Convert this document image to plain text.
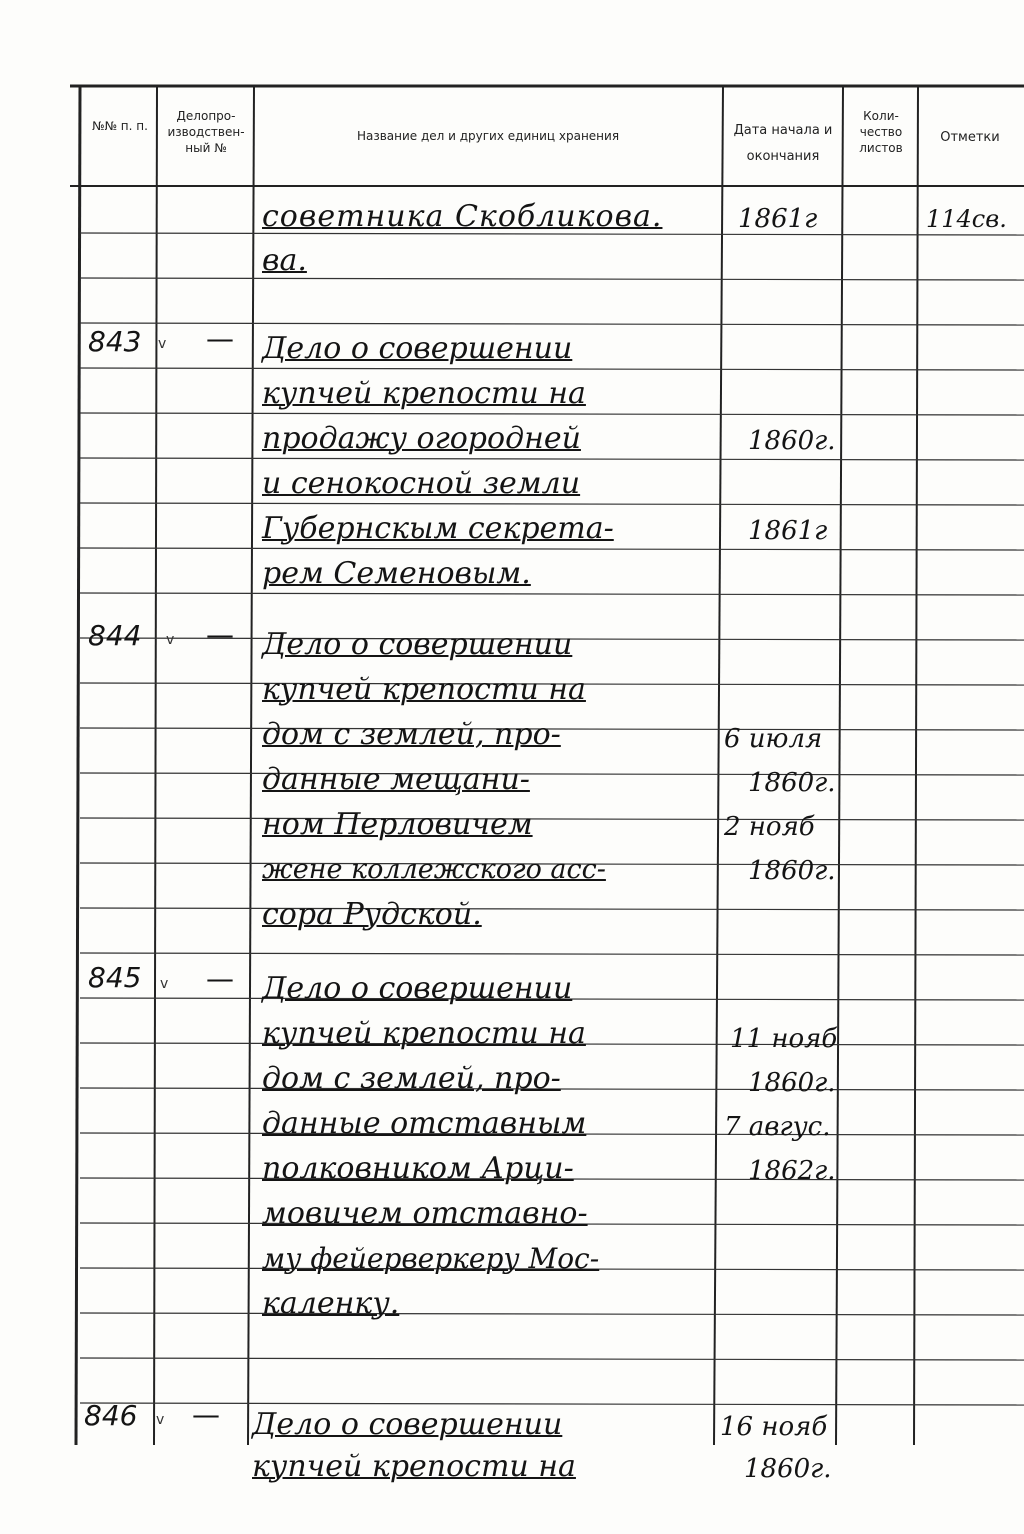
№№ п. п.
Делопро- изводствен- ный №
Название дел и других единиц хранения	Дата начала и окончания
Коли- чество листов
Отметки
советника Скобликова.
ва.
1861г	114св.
843 v — Дело о совершении
купчей крепости на
продажу огородней
и сенокосной земли
Губернскым секрета-
рем Семеновым.
1860г.
1861г
844 v — Дело о совершении
купчей крепости на
дом с землей, про-
данные мещани-
ном Перловичем
жене коллежского асс-
сора Рудской.
6 июля
1860г.
2 нояб
1860г.
845 v — Дело о совершении
купчей крепости на
дом с землей, про-
данные отставным
полковником Арци-
мовичем отставно-
му фейерверкеру Мос-
каленку.
11 нояб
1860г.
7 авгус.
1862г.
846 v — Дело о совершении
купчей крепости на
16 нояб
1860г.
